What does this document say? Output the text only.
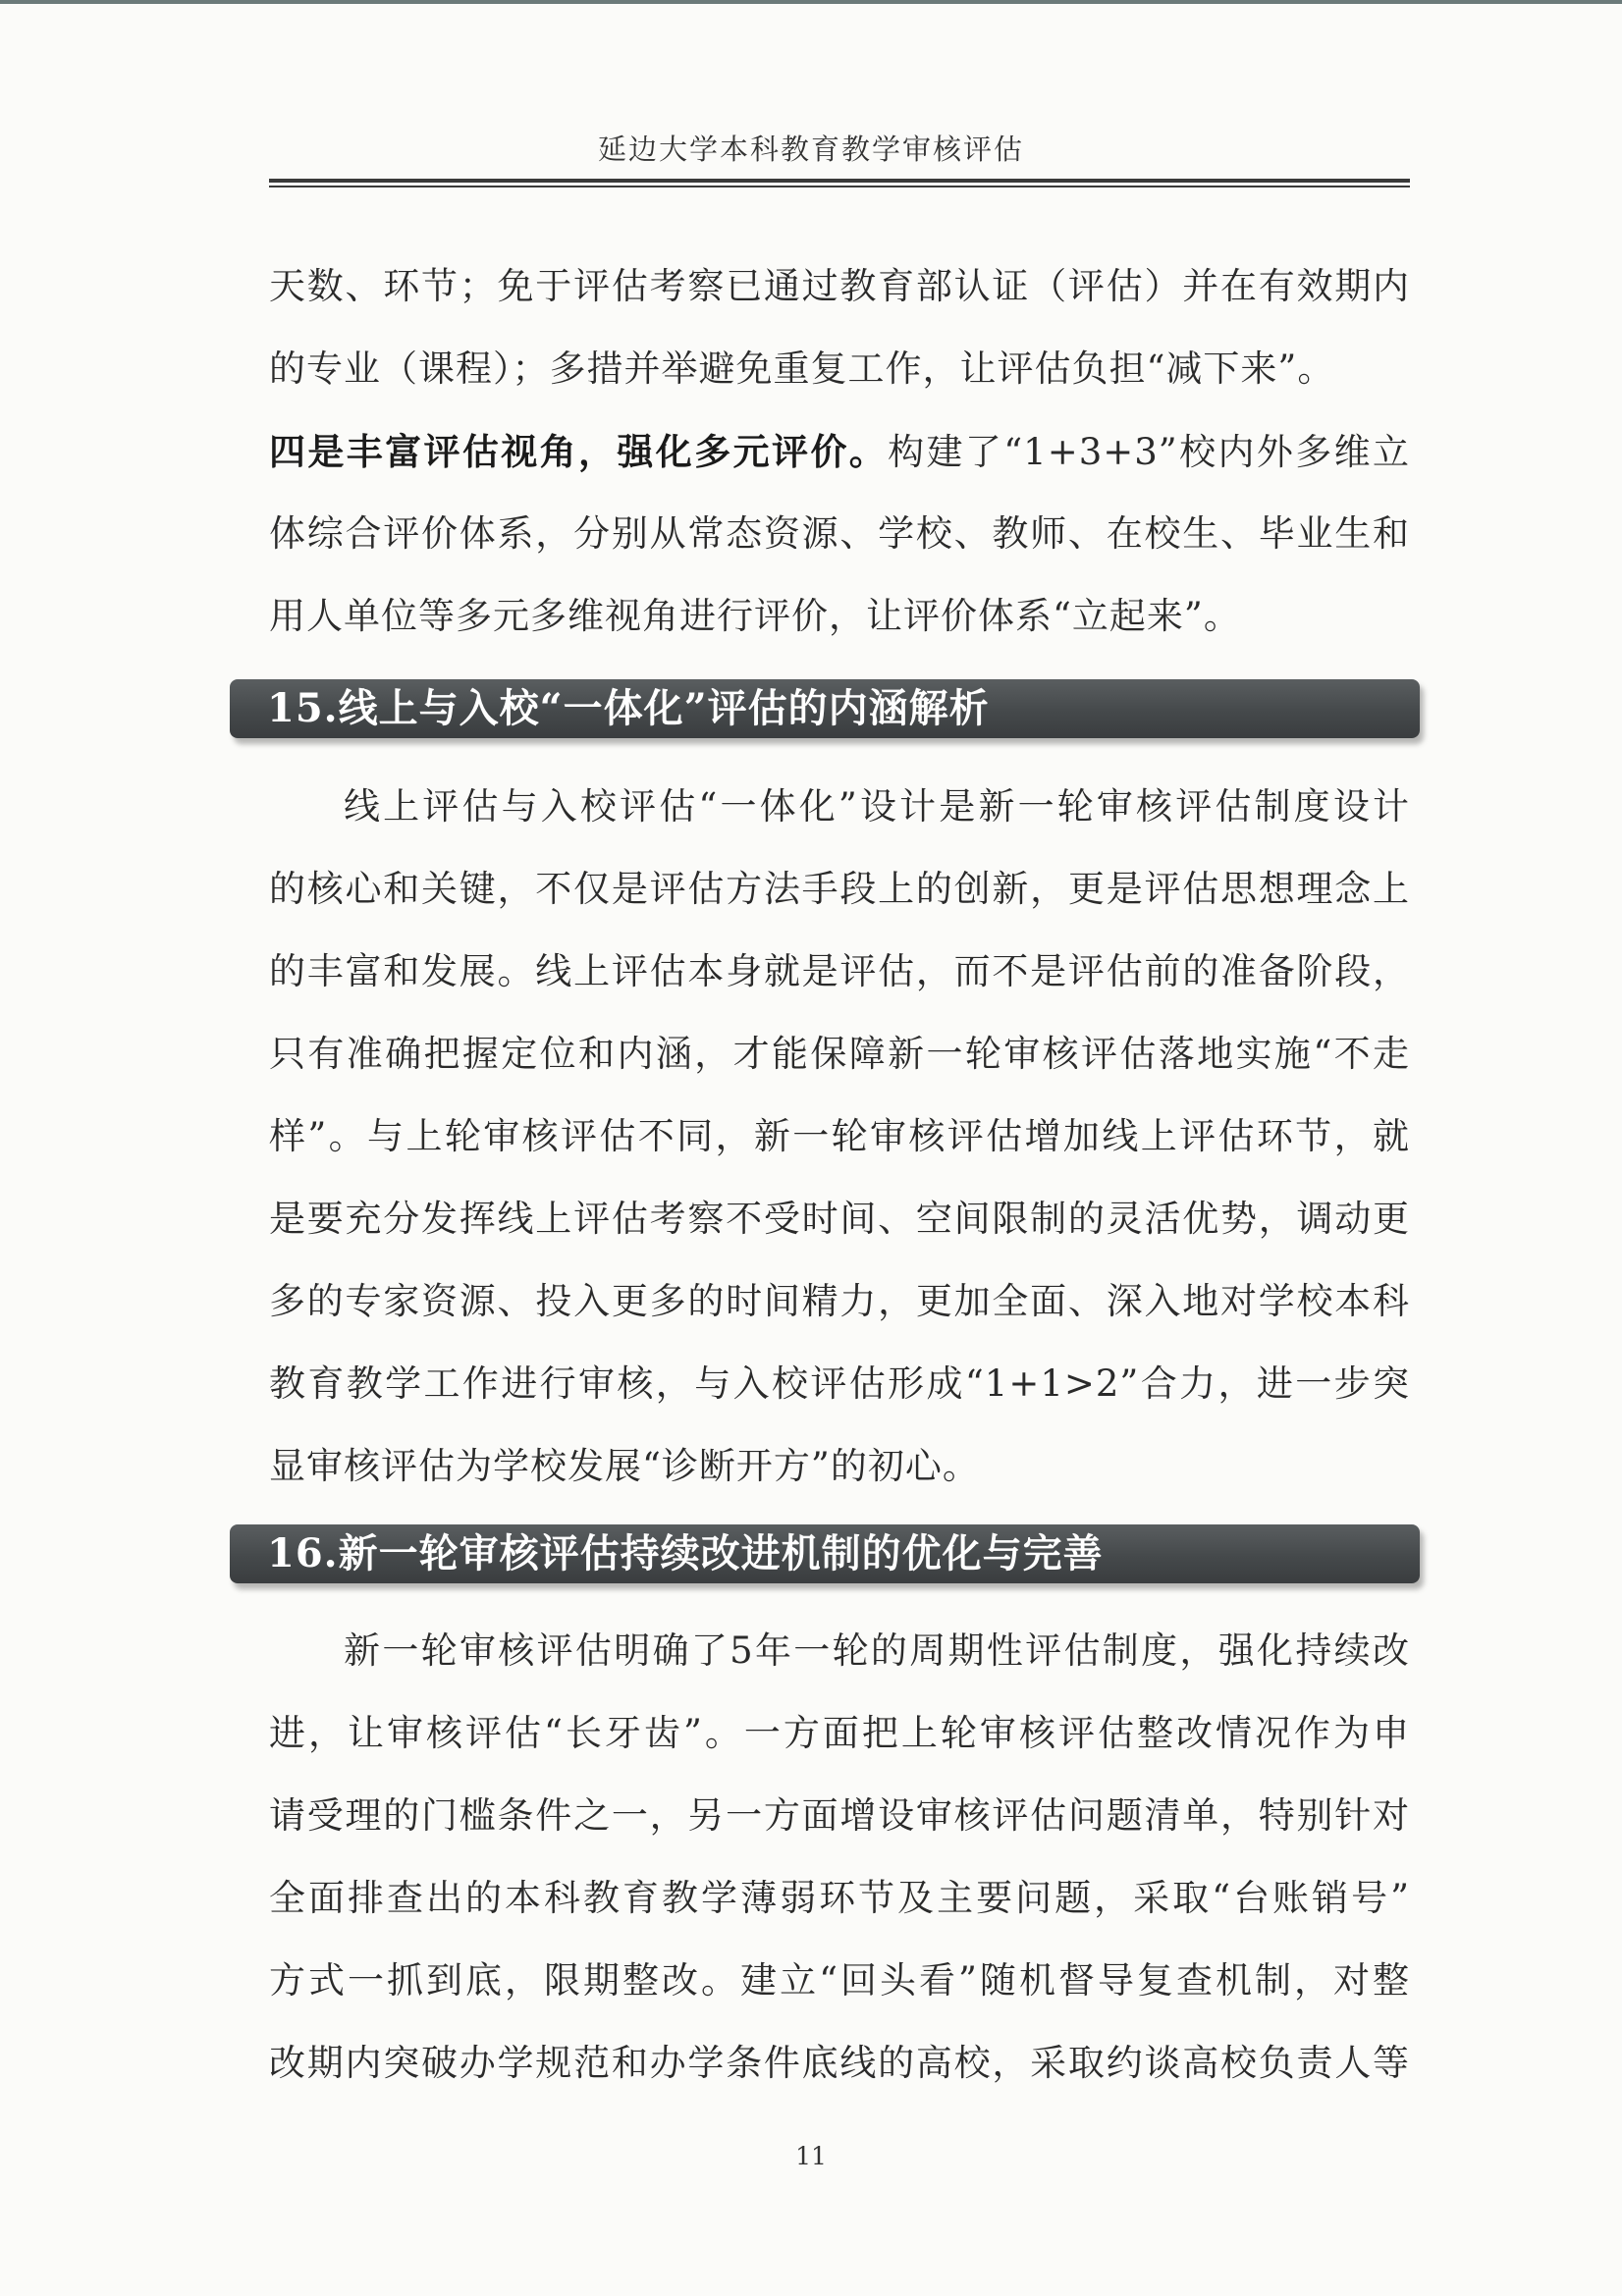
延边大学本科教育教学审核评估
天数、环节；免于评估考察已通过教育部认证（评估）并在有效期内
的专业（课程）；多措并举避免重复工作，让评估负担“减下来”。
四是丰富评估视角，强化多元评价。构建了“1+3+3”校内外多维立
体综合评价体系，分别从常态资源、学校、教师、在校生、毕业生和
用人单位等多元多维视角进行评价，让评价体系“立起来”。
15.线上与入校“一体化”评估的内涵解析
线上评估与入校评估“一体化”设计是新一轮审核评估制度设计
的核心和关键，不仅是评估方法手段上的创新，更是评估思想理念上
的丰富和发展。线上评估本身就是评估，而不是评估前的准备阶段，
只有准确把握定位和内涵，才能保障新一轮审核评估落地实施“不走
样”。与上轮审核评估不同，新一轮审核评估增加线上评估环节，就
是要充分发挥线上评估考察不受时间、空间限制的灵活优势，调动更
多的专家资源、投入更多的时间精力，更加全面、深入地对学校本科
教育教学工作进行审核，与入校评估形成“1+1>2”合力，进一步突
显审核评估为学校发展“诊断开方”的初心。
16.新一轮审核评估持续改进机制的优化与完善
新一轮审核评估明确了5年一轮的周期性评估制度，强化持续改
进，让审核评估“长牙齿”。一方面把上轮审核评估整改情况作为申
请受理的门槛条件之一，另一方面增设审核评估问题清单，特别针对
全面排查出的本科教育教学薄弱环节及主要问题，采取“台账销号”
方式一抓到底，限期整改。建立“回头看”随机督导复查机制，对整
改期内突破办学规范和办学条件底线的高校，采取约谈高校负责人等
11
